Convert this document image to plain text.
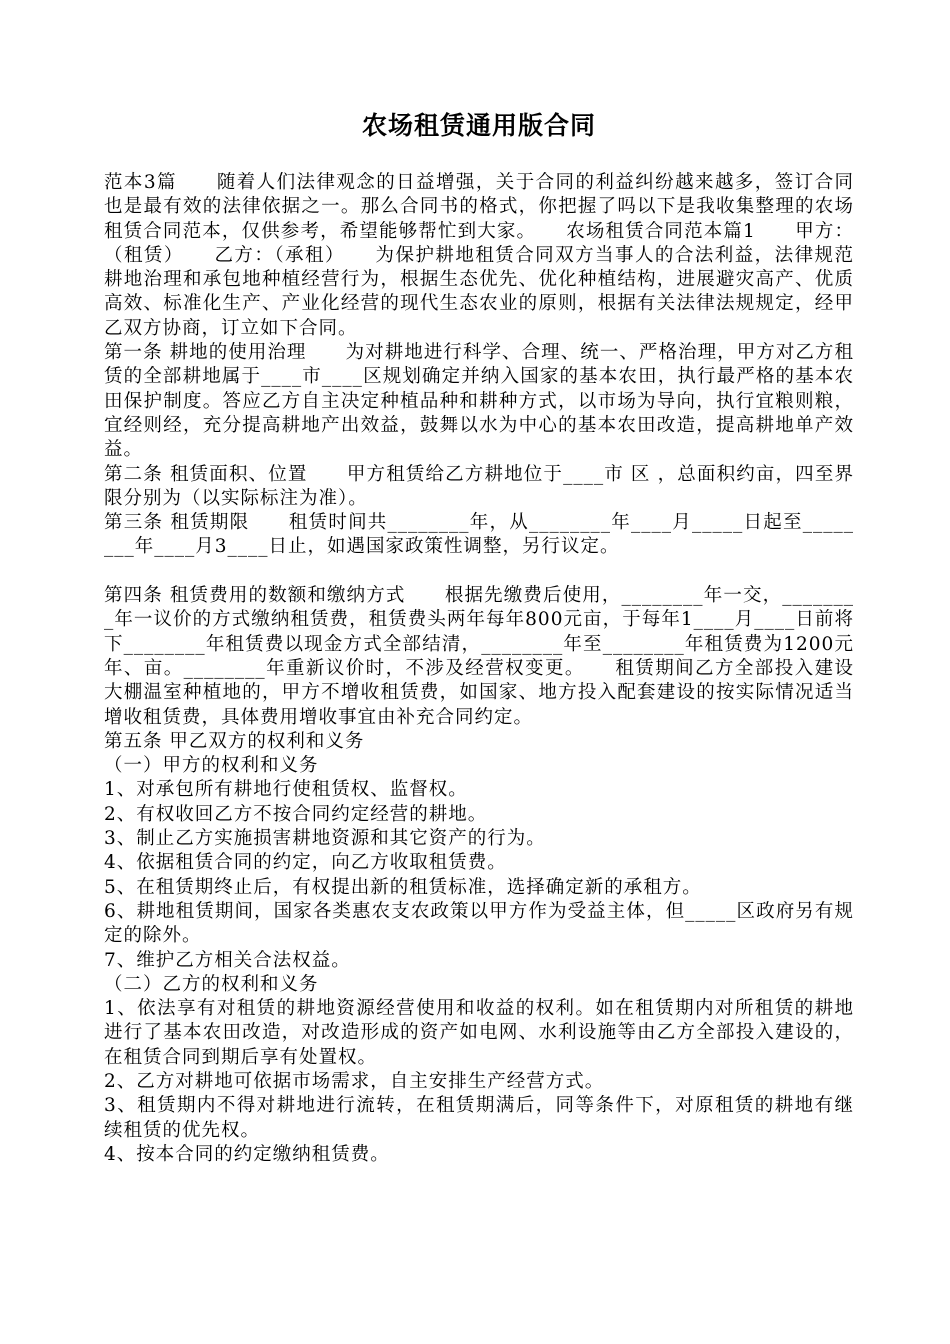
农场租赁通用版合同

范本3篇　　随着人们法律观念的日益增强，关于合同的利益纠纷越来越多，签订合同也是最有效的法律依据之一。那么合同书的格式，你把握了吗以下是我收集整理的农场租赁合同范本，仅供参考，希望能够帮忙到大家。　　农场租赁合同范本篇1　　甲方：（租赁）　　乙方：（承租）　　为保护耕地租赁合同双方当事人的合法利益，法律规范耕地治理和承包地种植经营行为，根据生态优先、优化种植结构，进展避灾高产、优质高效、标准化生产、产业化经营的现代生态农业的原则，根据有关法律法规规定，经甲乙双方协商，订立如下合同。

第一条 耕地的使用治理　　为对耕地进行科学、合理、统一、严格治理，甲方对乙方租赁的全部耕地属于____市____区规划确定并纳入国家的基本农田，执行最严格的基本农田保护制度。答应乙方自主决定种植品种和耕种方式，以市场为导向，执行宜粮则粮，宜经则经，充分提高耕地产出效益，鼓舞以水为中心的基本农田改造，提高耕地单产效益。

第二条 租赁面积、位置　　甲方租赁给乙方耕地位于____市 区 ，总面积约亩，四至界限分别为（以实际标注为准）。

第三条 租赁期限　　租赁时间共________年，从________年____月_____日起至________年____月3____日止，如遇国家政策性调整，另行议定。

第四条 租赁费用的数额和缴纳方式　　根据先缴费后使用，________年一交，________年一议价的方式缴纳租赁费，租赁费头两年每年800元亩，于每年1____月____日前将下________年租赁费以现金方式全部结清，________年至________年租赁费为1200元年、亩。________年重新议价时，不涉及经营权变更。　　租赁期间乙方全部投入建设大棚温室种植地的，甲方不增收租赁费，如国家、地方投入配套建设的按实际情况适当增收租赁费，具体费用增收事宜由补充合同约定。

第五条 甲乙双方的权利和义务

（一）甲方的权利和义务

1、对承包所有耕地行使租赁权、监督权。

2、有权收回乙方不按合同约定经营的耕地。

3、制止乙方实施损害耕地资源和其它资产的行为。

4、依据租赁合同的约定，向乙方收取租赁费。

5、在租赁期终止后，有权提出新的租赁标准，选择确定新的承租方。

6、耕地租赁期间，国家各类惠农支农政策以甲方作为受益主体，但_____区政府另有规定的除外。

7、维护乙方相关合法权益。

（二）乙方的权利和义务

1、依法享有对租赁的耕地资源经营使用和收益的权利。如在租赁期内对所租赁的耕地进行了基本农田改造，对改造形成的资产如电网、水利设施等由乙方全部投入建设的，在租赁合同到期后享有处置权。

2、乙方对耕地可依据市场需求，自主安排生产经营方式。

3、租赁期内不得对耕地进行流转，在租赁期满后，同等条件下，对原租赁的耕地有继续租赁的优先权。

4、按本合同的约定缴纳租赁费。
